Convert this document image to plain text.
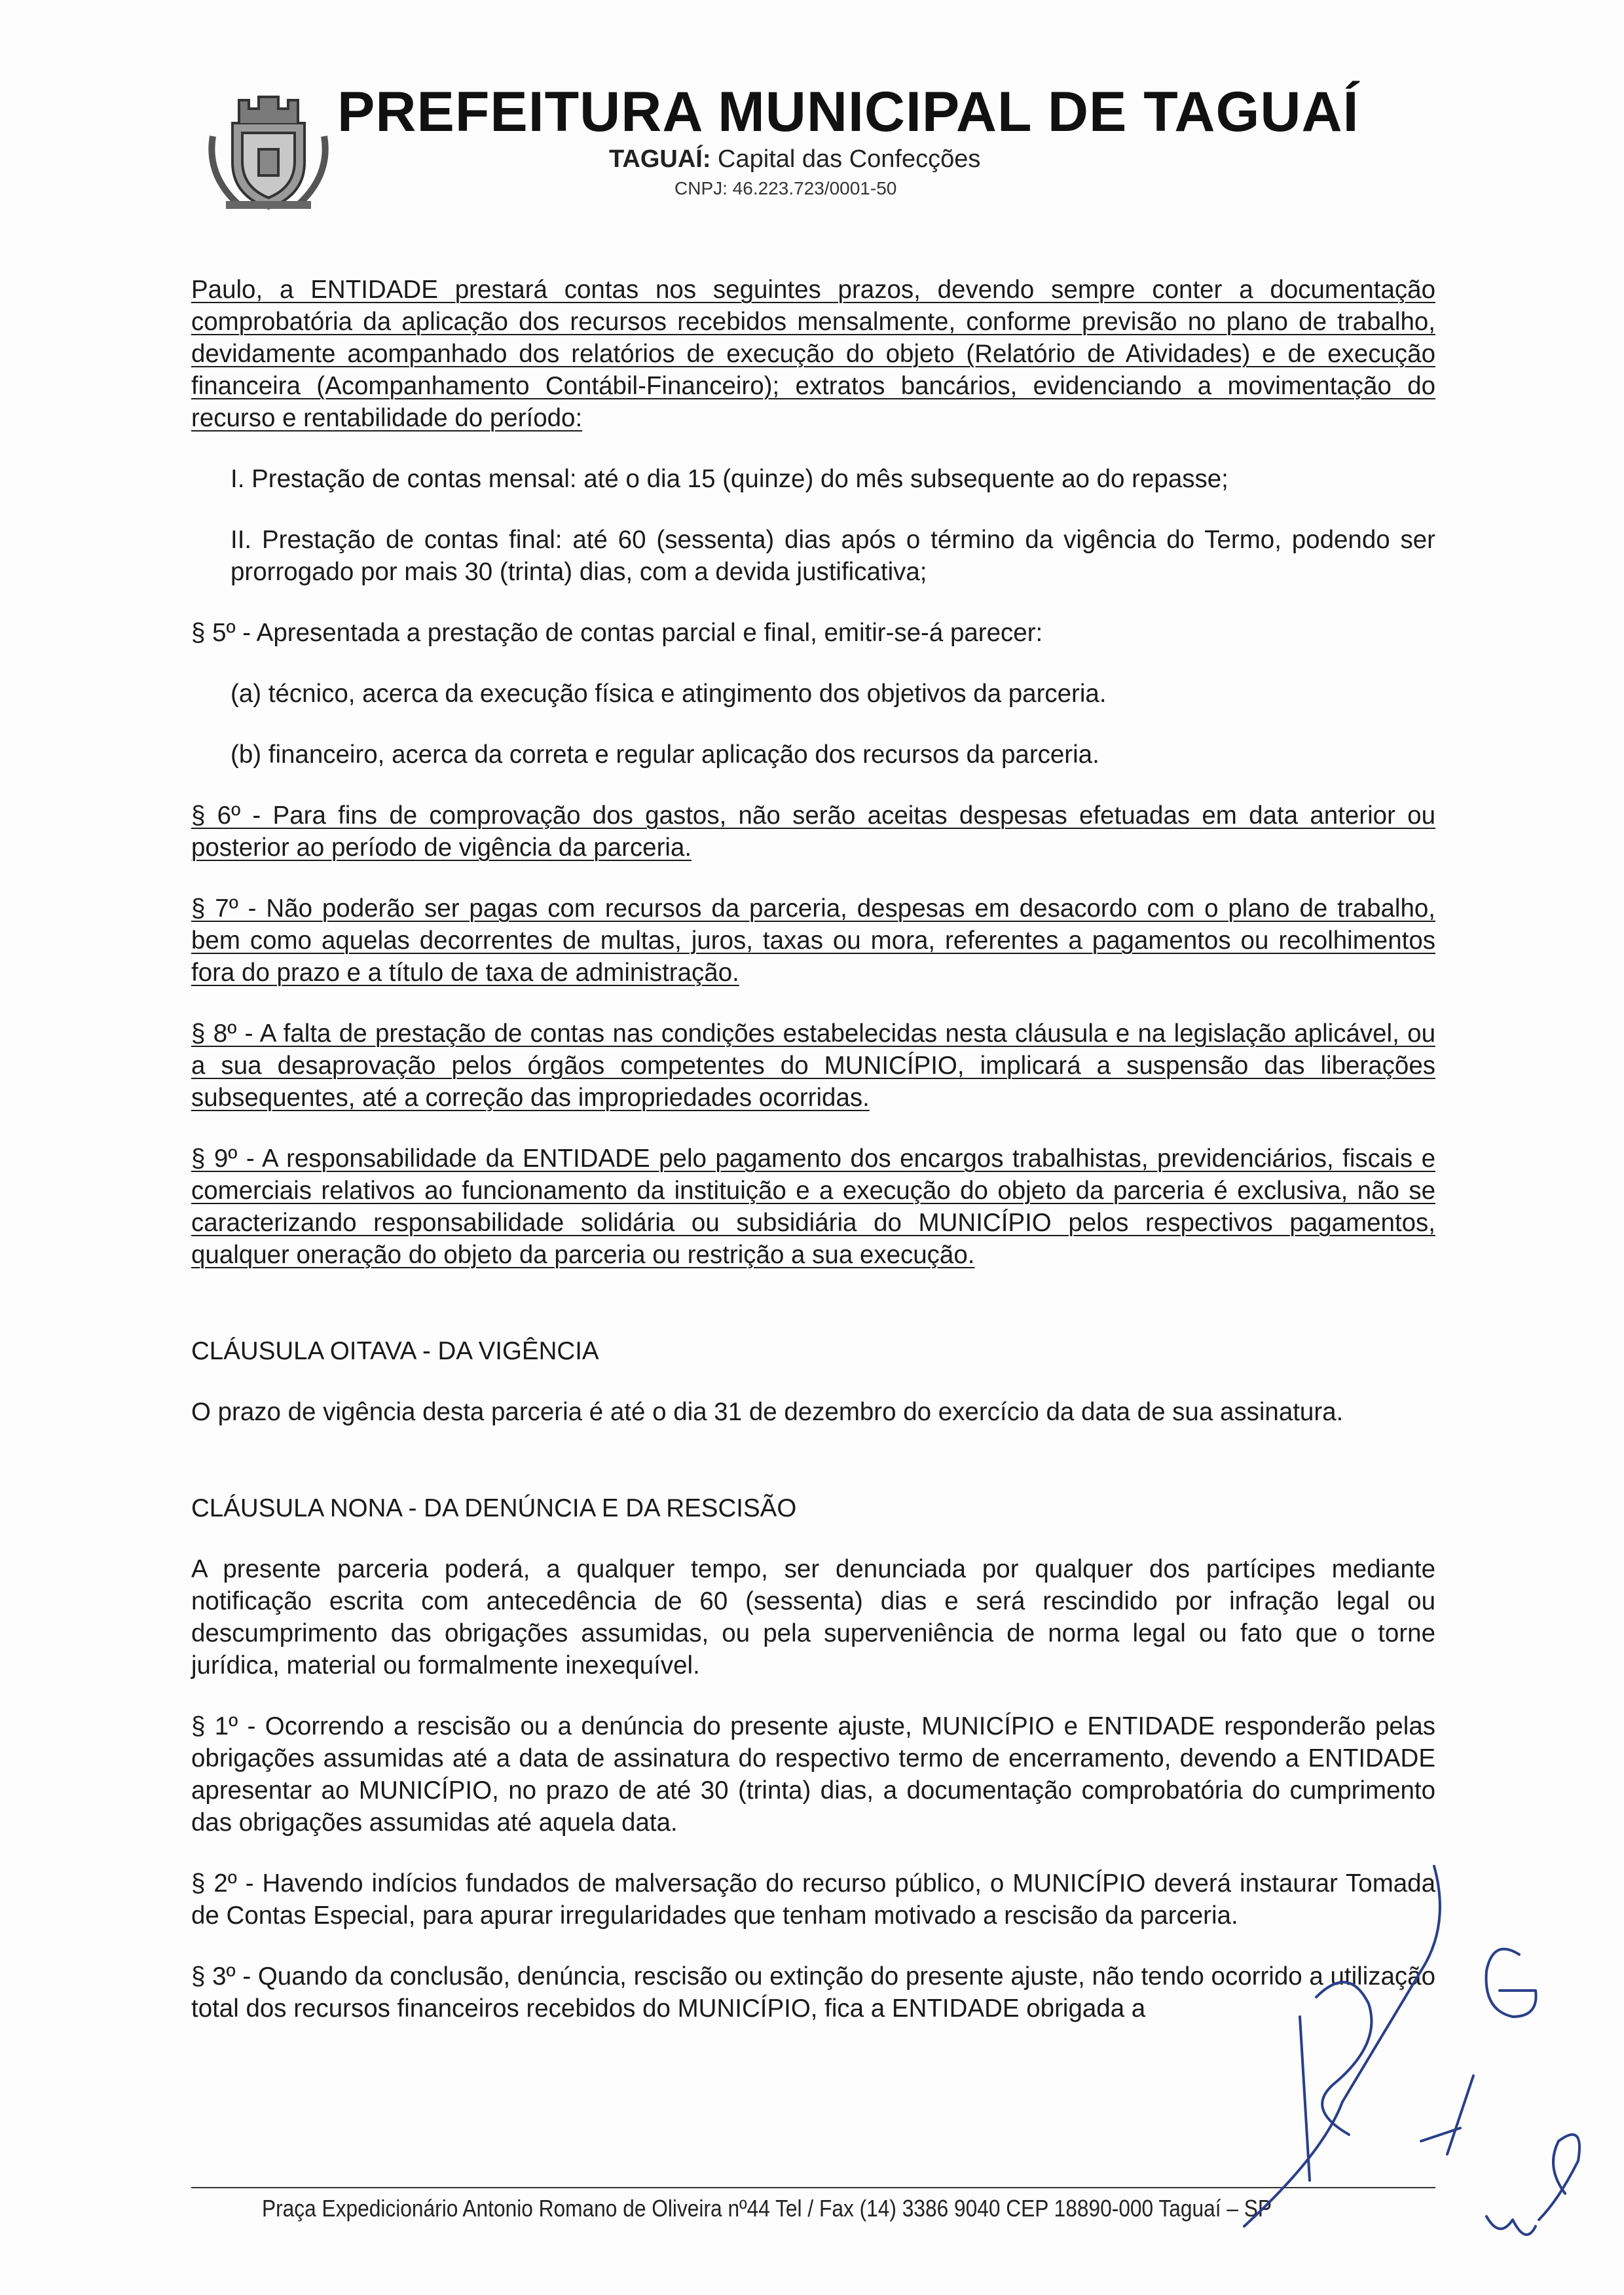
PREFEITURA MUNICIPAL DE TAGUAÍ
TAGUAÍ: Capital das Confecções
CNPJ: 46.223.723/0001-50

Paulo, a ENTIDADE prestará contas nos seguintes prazos, devendo sempre conter a documentação comprobatória da aplicação dos recursos recebidos mensalmente, conforme previsão no plano de trabalho, devidamente acompanhado dos relatórios de execução do objeto (Relatório de Atividades) e de execução financeira (Acompanhamento Contábil-Financeiro); extratos bancários, evidenciando a movimentação do recurso e rentabilidade do período:

I. Prestação de contas mensal: até o dia 15 (quinze) do mês subsequente ao do repasse;

II. Prestação de contas final: até 60 (sessenta) dias após o término da vigência do Termo, podendo ser prorrogado por mais 30 (trinta) dias, com a devida justificativa;

§ 5º - Apresentada a prestação de contas parcial e final, emitir-se-á parecer:

(a) técnico, acerca da execução física e atingimento dos objetivos da parceria.

(b) financeiro, acerca da correta e regular aplicação dos recursos da parceria.

§ 6º - Para fins de comprovação dos gastos, não serão aceitas despesas efetuadas em data anterior ou posterior ao período de vigência da parceria.

§ 7º - Não poderão ser pagas com recursos da parceria, despesas em desacordo com o plano de trabalho, bem como aquelas decorrentes de multas, juros, taxas ou mora, referentes a pagamentos ou recolhimentos fora do prazo e a título de taxa de administração.

§ 8º - A falta de prestação de contas nas condições estabelecidas nesta cláusula e na legislação aplicável, ou a sua desaprovação pelos órgãos competentes do MUNICÍPIO, implicará a suspensão das liberações subsequentes, até a correção das impropriedades ocorridas.

§ 9º - A responsabilidade da ENTIDADE pelo pagamento dos encargos trabalhistas, previdenciários, fiscais e comerciais relativos ao funcionamento da instituição e a execução do objeto da parceria é exclusiva, não se caracterizando responsabilidade solidária ou subsidiária do MUNICÍPIO pelos respectivos pagamentos, qualquer oneração do objeto da parceria ou restrição a sua execução.

CLÁUSULA OITAVA - DA VIGÊNCIA

O prazo de vigência desta parceria é até o dia 31 de dezembro do exercício da data de sua assinatura.

CLÁUSULA NONA - DA DENÚNCIA E DA RESCISÃO

A presente parceria poderá, a qualquer tempo, ser denunciada por qualquer dos partícipes mediante notificação escrita com antecedência de 60 (sessenta) dias e será rescindido por infração legal ou descumprimento das obrigações assumidas, ou pela superveniência de norma legal ou fato que o torne jurídica, material ou formalmente inexequível.

§ 1º - Ocorrendo a rescisão ou a denúncia do presente ajuste, MUNICÍPIO e ENTIDADE responderão pelas obrigações assumidas até a data de assinatura do respectivo termo de encerramento, devendo a ENTIDADE apresentar ao MUNICÍPIO, no prazo de até 30 (trinta) dias, a documentação comprobatória do cumprimento das obrigações assumidas até aquela data.

§ 2º - Havendo indícios fundados de malversação do recurso público, o MUNICÍPIO deverá instaurar Tomada de Contas Especial, para apurar irregularidades que tenham motivado a rescisão da parceria.

§ 3º - Quando da conclusão, denúncia, rescisão ou extinção do presente ajuste, não tendo ocorrido a utilização total dos recursos financeiros recebidos do MUNICÍPIO, fica a ENTIDADE obrigada a

Praça Expedicionário Antonio Romano de Oliveira nº44 Tel / Fax (14) 3386 9040 CEP 18890-000 Taguaí – SP
